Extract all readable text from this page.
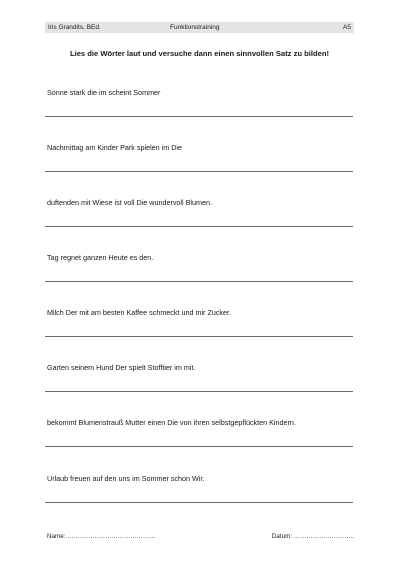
Iris Grandits, BEd.	Funktionstraining	A5
Lies die Wörter laut und versuche dann einen sinnvollen Satz zu bilden!
Sonne stark die im scheint Sommer
Nachmittag am Kinder Park spielen im Die
duftenden mit Wiese ist voll Die wundervoll Blumen.
Tag regnet ganzen Heute es den.
Milch Der mit am besten Kaffee schmeckt und mir Zucker.
Garten seinem Hund Der spielt Stofftier im mit.
bekommt Blumenstrauß Mutter einen Die von ihren selbstgepflückten Kindern.
Urlaub freuen auf den uns im Sommer schon Wir.
Name: ……………………………………	Datum: ………………………..
